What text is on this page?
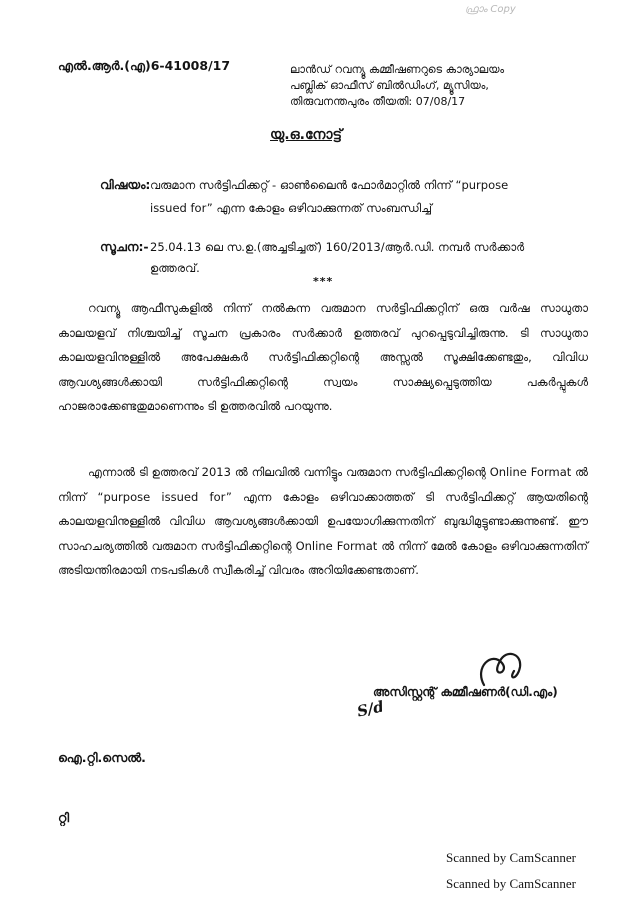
ഫ്രാം Copy
എൽ.ആർ.(എ)6-41008/17	ലാൻഡ് റവന്യൂ കമ്മീഷണറുടെ കാര്യാലയം
പബ്ലിക് ഓഫീസ് ബിൽഡിംഗ്, മ്യൂസിയം,
തിരുവനന്തപുരം തീയതി: 07/08/17
യു.ഒ.നോട്ട്
വിഷയം: വരുമാന സർട്ടിഫിക്കറ്റ് - ഓൺലൈൻ ഫോർമാറ്റിൽ നിന്ന് “purpose
issued for” എന്ന കോളം ഒഴിവാക്കുന്നത് സംബന്ധിച്ച്
സൂചന:- 25.04.13 ലെ സ.ഉ.(അച്ചടിച്ചത്) 160/2013/ആർ.ഡി. നമ്പർ സർക്കാർ
ഉത്തരവ്.
***
റവന്യൂ ആഫീസുകളിൽ നിന്ന് നൽകുന്ന വരുമാന സർട്ടിഫിക്കറ്റിന് ഒരു വർഷ സാധുതാ കാലയളവ് നിശ്ചയിച്ച് സൂചന പ്രകാരം സർക്കാർ ഉത്തരവ് പുറപ്പെടുവിച്ചിരുന്നു. ടി സാധുതാ കാലയളവിനുള്ളിൽ അപേക്ഷകർ സർട്ടിഫിക്കറ്റിന്റെ അസ്സൽ സൂക്ഷിക്കേണ്ടതും, വിവിധ ആവശ്യങ്ങൾക്കായി സർട്ടിഫിക്കറ്റിന്റെ സ്വയം സാക്ഷ്യപ്പെടുത്തിയ പകർപ്പുകൾ ഹാജരാക്കേണ്ടതുമാണെന്നും ടി ഉത്തരവിൽ പറയുന്നു.
എന്നാൽ ടി ഉത്തരവ് 2013 ൽ നിലവിൽ വന്നിട്ടും വരുമാന സർട്ടിഫിക്കറ്റിന്റെ Online Format ൽ നിന്ന് “purpose issued for” എന്ന കോളം ഒഴിവാക്കാത്തത് ടി സർട്ടിഫിക്കറ്റ് ആയതിന്റെ കാലയളവിനുള്ളിൽ വിവിധ ആവശ്യങ്ങൾക്കായി ഉപയോഗിക്കുന്നതിന് ബുദ്ധിമുട്ടുണ്ടാക്കുന്നുണ്ട്. ഈ സാഹചര്യത്തിൽ വരുമാന സർട്ടിഫിക്കറ്റിന്റെ Online Format ൽ നിന്ന് മേൽ കോളം ഒഴിവാക്കുന്നതിന് അടിയന്തിരമായി നടപടികൾ സ്വീകരിച്ച് വിവരം അറിയിക്കേണ്ടതാണ്.
അസിസ്റ്റന്റ് കമ്മീഷണർ(ഡി.എം)
S/d
ഐ.റ്റി.സെൽ.
റ്റി
Scanned by CamScanner
Scanned by CamScanner
